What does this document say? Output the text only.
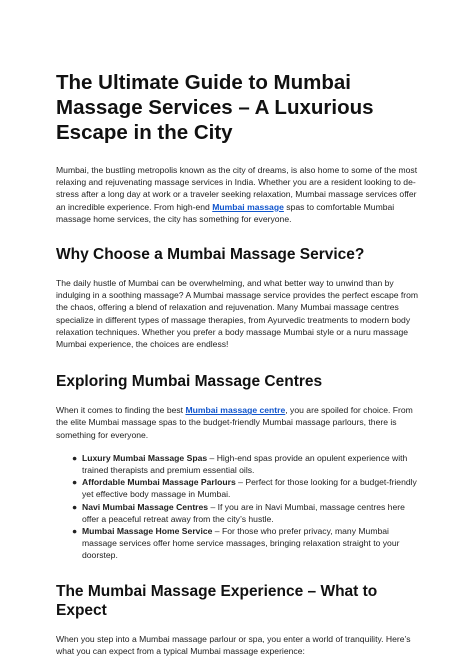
The Ultimate Guide to Mumbai Massage Services – A Luxurious Escape in the City

Mumbai, the bustling metropolis known as the city of dreams, is also home to some of the most relaxing and rejuvenating massage services in India. Whether you are a resident looking to de-stress after a long day at work or a traveler seeking relaxation, Mumbai massage services offer an incredible experience. From high-end Mumbai massage spas to comfortable Mumbai massage home services, the city has something for everyone.

Why Choose a Mumbai Massage Service?

The daily hustle of Mumbai can be overwhelming, and what better way to unwind than by indulging in a soothing massage? A Mumbai massage service provides the perfect escape from the chaos, offering a blend of relaxation and rejuvenation. Many Mumbai massage centres specialize in different types of massage therapies, from Ayurvedic treatments to modern body relaxation techniques. Whether you prefer a body massage Mumbai style or a nuru massage Mumbai experience, the choices are endless!

Exploring Mumbai Massage Centres

When it comes to finding the best Mumbai massage centre, you are spoiled for choice. From the elite Mumbai massage spas to the budget-friendly Mumbai massage parlours, there is something for everyone.

● Luxury Mumbai Massage Spas – High-end spas provide an opulent experience with trained therapists and premium essential oils.
● Affordable Mumbai Massage Parlours – Perfect for those looking for a budget-friendly yet effective body massage in Mumbai.
● Navi Mumbai Massage Centres – If you are in Navi Mumbai, massage centres here offer a peaceful retreat away from the city’s hustle.
● Mumbai Massage Home Service – For those who prefer privacy, many Mumbai massage services offer home service massages, bringing relaxation straight to your doorstep.
The Mumbai Massage Experience – What to Expect

When you step into a Mumbai massage parlour or spa, you enter a world of tranquility. Here’s what you can expect from a typical Mumbai massage experience:
